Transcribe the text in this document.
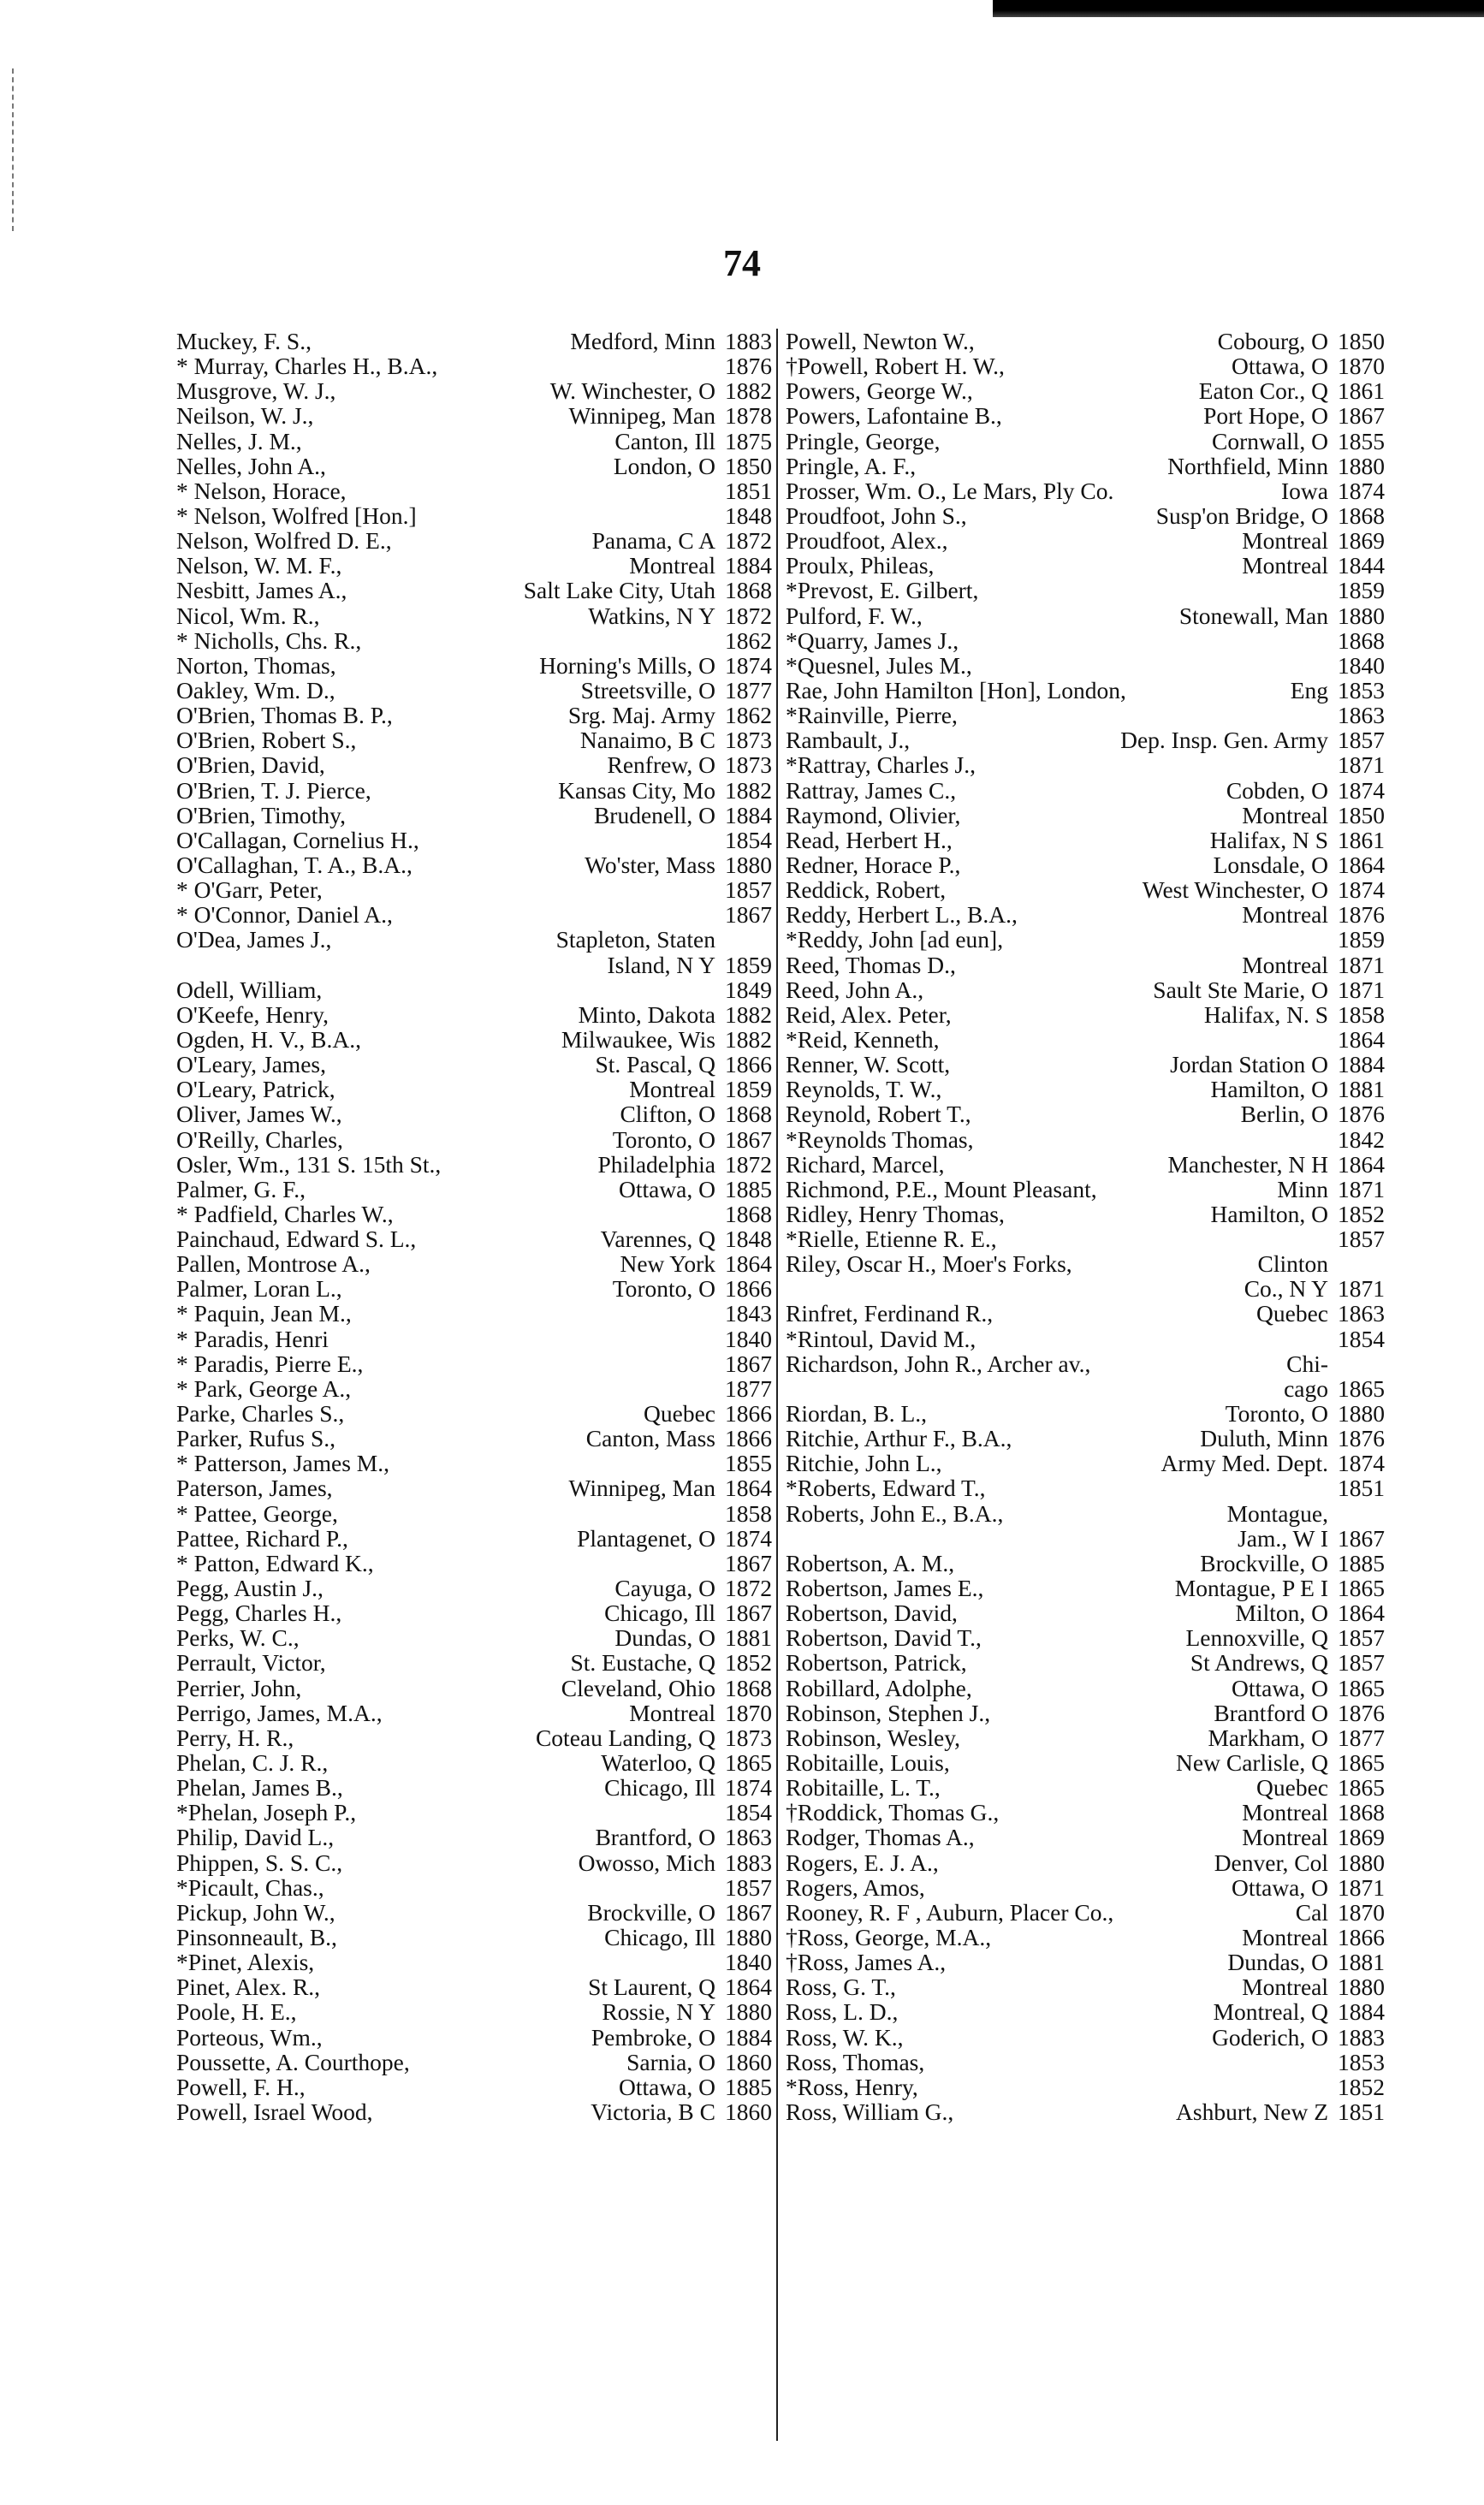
74
Muckey, F. S.,	Medford, Minn 1883
* Murray, Charles H., B.A.,	1876
Musgrove, W. J.,	W. Winchester, O 1882
Neilson, W. J.,	Winnipeg, Man 1878
Nelles, J. M.,	Canton, Ill 1875
Nelles, John A.,	London, O 1850
* Nelson, Horace,	1851
* Nelson, Wolfred [Hon.]	1848
Nelson, Wolfred D. E.,	Panama, C A 1872
Nelson, W. M. F.,	Montreal 1884
Nesbitt, James A.,	Salt Lake City, Utah 1868
Nicol, Wm. R.,	Watkins, N Y 1872
* Nicholls, Chs. R.,	1862
Norton, Thomas,	Horning's Mills, O 1874
Oakley, Wm. D.,	Streetsville, O 1877
O'Brien, Thomas B. P.,	Srg. Maj. Army 1862
O'Brien, Robert S.,	Nanaimo, B C 1873
O'Brien, David,	Renfrew, O 1873
O'Brien, T. J. Pierce,	Kansas City, Mo 1882
O'Brien, Timothy,	Brudenell, O 1884
O'Callagan, Cornelius H.,	1854
O'Callaghan, T. A., B.A.,	Wo'ster, Mass 1880
* O'Garr, Peter,	1857
* O'Connor, Daniel A.,	1867
O'Dea, James J.,	Stapleton, Staten
Island, N Y 1859
Odell, William,	1849
O'Keefe, Henry,	Minto, Dakota 1882
Ogden, H. V., B.A.,	Milwaukee, Wis 1882
O'Leary, James,	St. Pascal, Q 1866
O'Leary, Patrick,	Montreal 1859
Oliver, James W.,	Clifton, O 1868
O'Reilly, Charles,	Toronto, O 1867
Osler, Wm., 131 S. 15th St.,	Philadelphia 1872
Palmer, G. F.,	Ottawa, O 1885
* Padfield, Charles W.,	1868
Painchaud, Edward S. L.,	Varennes, Q 1848
Pallen, Montrose A.,	New York 1864
Palmer, Loran L.,	Toronto, O 1866
* Paquin, Jean M.,	1843
* Paradis, Henri	1840
* Paradis, Pierre E.,	1867
* Park, George A.,	1877
Parke, Charles S.,	Quebec 1866
Parker, Rufus S.,	Canton, Mass 1866
* Patterson, James M.,	1855
Paterson, James,	Winnipeg, Man 1864
* Pattee, George,	1858
Pattee, Richard P.,	Plantagenet, O 1874
* Patton, Edward K.,	1867
Pegg, Austin J.,	Cayuga, O 1872
Pegg, Charles H.,	Chicago, Ill 1867
Perks, W. C.,	Dundas, O 1881
Perrault, Victor,	St. Eustache, Q 1852
Perrier, John,	Cleveland, Ohio 1868
Perrigo, James, M.A.,	Montreal 1870
Perry, H. R.,	Coteau Landing, Q 1873
Phelan, C. J. R.,	Waterloo, Q 1865
Phelan, James B.,	Chicago, Ill 1874
*Phelan, Joseph P.,	1854
Philip, David L.,	Brantford, O 1863
Phippen, S. S. C.,	Owosso, Mich 1883
*Picault, Chas.,	1857
Pickup, John W.,	Brockville, O 1867
Pinsonneault, B.,	Chicago, Ill 1880
*Pinet, Alexis,	1840
Pinet, Alex. R.,	St Laurent, Q 1864
Poole, H. E.,	Rossie, N Y 1880
Porteous, Wm.,	Pembroke, O 1884
Poussette, A. Courthope,	Sarnia, O 1860
Powell, F. H.,	Ottawa, O 1885
Powell, Israel Wood,	Victoria, B C 1860
Powell, Newton W.,	Cobourg, O 1850
†Powell, Robert H. W.,	Ottawa, O 1870
Powers, George W.,	Eaton Cor., Q 1861
Powers, Lafontaine B.,	Port Hope, O 1867
Pringle, George,	Cornwall, O 1855
Pringle, A. F.,	Northfield, Minn 1880
Prosser, Wm. O., Le Mars, Ply Co.	Iowa 1874
Proudfoot, John S.,	Susp'on Bridge, O 1868
Proudfoot, Alex.,	Montreal 1869
Proulx, Phileas,	Montreal 1844
*Prevost, E. Gilbert,	1859
Pulford, F. W.,	Stonewall, Man 1880
*Quarry, James J.,	1868
*Quesnel, Jules M.,	1840
Rae, John Hamilton [Hon], London,	Eng 1853
*Rainville, Pierre,	1863
Rambault, J.,	Dep. Insp. Gen. Army 1857
*Rattray, Charles J.,	1871
Rattray, James C.,	Cobden, O 1874
Raymond, Olivier,	Montreal 1850
Read, Herbert H.,	Halifax, N S 1861
Redner, Horace P.,	Lonsdale, O 1864
Reddick, Robert,	West Winchester, O 1874
Reddy, Herbert L., B.A.,	Montreal 1876
*Reddy, John [ad eun],	1859
Reed, Thomas D.,	Montreal 1871
Reed, John A.,	Sault Ste Marie, O 1871
Reid, Alex. Peter,	Halifax, N. S 1858
*Reid, Kenneth,	1864
Renner, W. Scott,	Jordan Station O 1884
Reynolds, T. W.,	Hamilton, O 1881
Reynold, Robert T.,	Berlin, O 1876
*Reynolds Thomas,	1842
Richard, Marcel,	Manchester, N H 1864
Richmond, P.E., Mount Pleasant,	Minn 1871
Ridley, Henry Thomas,	Hamilton, O 1852
*Rielle, Etienne R. E.,	1857
Riley, Oscar H., Moer's Forks,	Clinton
Co., N Y 1871
Rinfret, Ferdinand R.,	Quebec 1863
*Rintoul, David M.,	1854
Richardson, John R., Archer av.,	Chi-
cago 1865
Riordan, B. L.,	Toronto, O 1880
Ritchie, Arthur F., B.A.,	Duluth, Minn 1876
Ritchie, John L.,	Army Med. Dept. 1874
*Roberts, Edward T.,	1851
Roberts, John E., B.A.,	Montague,
Jam., W I 1867
Robertson, A. M.,	Brockville, O 1885
Robertson, James E.,	Montague, P E I 1865
Robertson, David,	Milton, O 1864
Robertson, David T.,	Lennoxville, Q 1857
Robertson, Patrick,	St Andrews, Q 1857
Robillard, Adolphe,	Ottawa, O 1865
Robinson, Stephen J.,	Brantford O 1876
Robinson, Wesley,	Markham, O 1877
Robitaille, Louis,	New Carlisle, Q 1865
Robitaille, L. T.,	Quebec 1865
†Roddick, Thomas G.,	Montreal 1868
Rodger, Thomas A.,	Montreal 1869
Rogers, E. J. A.,	Denver, Col 1880
Rogers, Amos,	Ottawa, O 1871
Rooney, R. F , Auburn, Placer Co.,	Cal 1870
†Ross, George, M.A.,	Montreal 1866
†Ross, James A.,	Dundas, O 1881
Ross, G. T.,	Montreal 1880
Ross, L. D.,	Montreal, Q 1884
Ross, W. K.,	Goderich, O 1883
Ross, Thomas,	1853
*Ross, Henry,	1852
Ross, William G.,	Ashburt, New Z 1851
